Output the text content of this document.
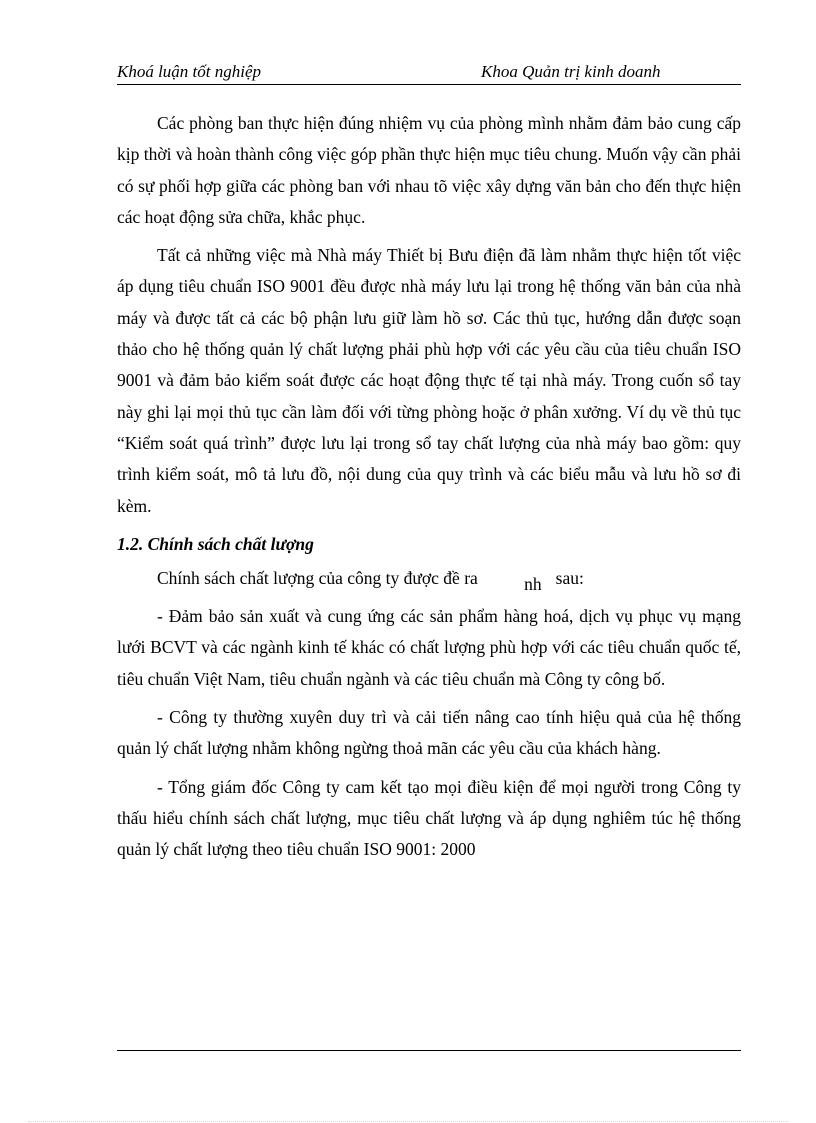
Khoá luận tốt nghiệp	Khoa Quản trị kinh doanh

Các phòng ban thực hiện đúng nhiệm vụ của phòng mình nhằm đảm bảo cung cấp kịp thời và hoàn thành công việc góp phần thực hiện mục tiêu chung. Muốn vậy cần phải có sự phối hợp giữa các phòng ban với nhau tõ việc xây dựng văn bản cho đến thực hiện các hoạt động sửa chữa, khắc phục.

Tất cả những việc mà Nhà máy Thiết bị Bưu điện đã làm nhằm thực hiện tốt việc áp dụng tiêu chuẩn ISO 9001 đều được nhà máy lưu lại trong hệ thống văn bản của nhà máy và được tất cả các bộ phận lưu giữ làm hồ sơ. Các thủ tục, hướng dẫn được soạn thảo cho hệ thống quản lý chất lượng phải phù hợp với các yêu cầu của tiêu chuẩn ISO 9001 và đảm bảo kiểm soát được các hoạt động thực tế tại nhà máy. Trong cuốn sổ tay này ghi lại mọi thủ tục cần làm đối với từng phòng hoặc ở phân xưởng. Ví dụ về thủ tục “Kiểm soát quá trình” được lưu lại trong sổ tay chất lượng của nhà máy bao gồm: quy trình kiểm soát, mô tả lưu đồ, nội dung của quy trình và các biểu mẫu và lưu hồ sơ đi kèm.

1.2. Chính sách chất lượng

Chính sách chất lượng của công ty được đề ra	nh sau:

- Đảm bảo sản xuất và cung ứng các sản phẩm hàng hoá, dịch vụ phục vụ mạng lưới BCVT và các ngành kinh tế khác có chất lượng phù hợp với các tiêu chuẩn quốc tế, tiêu chuẩn Việt Nam, tiêu chuẩn ngành và các tiêu chuẩn mà Công ty công bố.

- Công ty thường xuyên duy trì và cải tiến nâng cao tính hiệu quả của hệ thống quản lý chất lượng nhằm không ngừng thoả mãn các yêu cầu của khách hàng.

- Tổng giám đốc Công ty cam kết tạo mọi điều kiện để mọi người trong Công ty thấu hiểu chính sách chất lượng, mục tiêu chất lượng và áp dụng nghiêm túc hệ thống quản lý chất lượng theo tiêu chuẩn ISO 9001: 2000
